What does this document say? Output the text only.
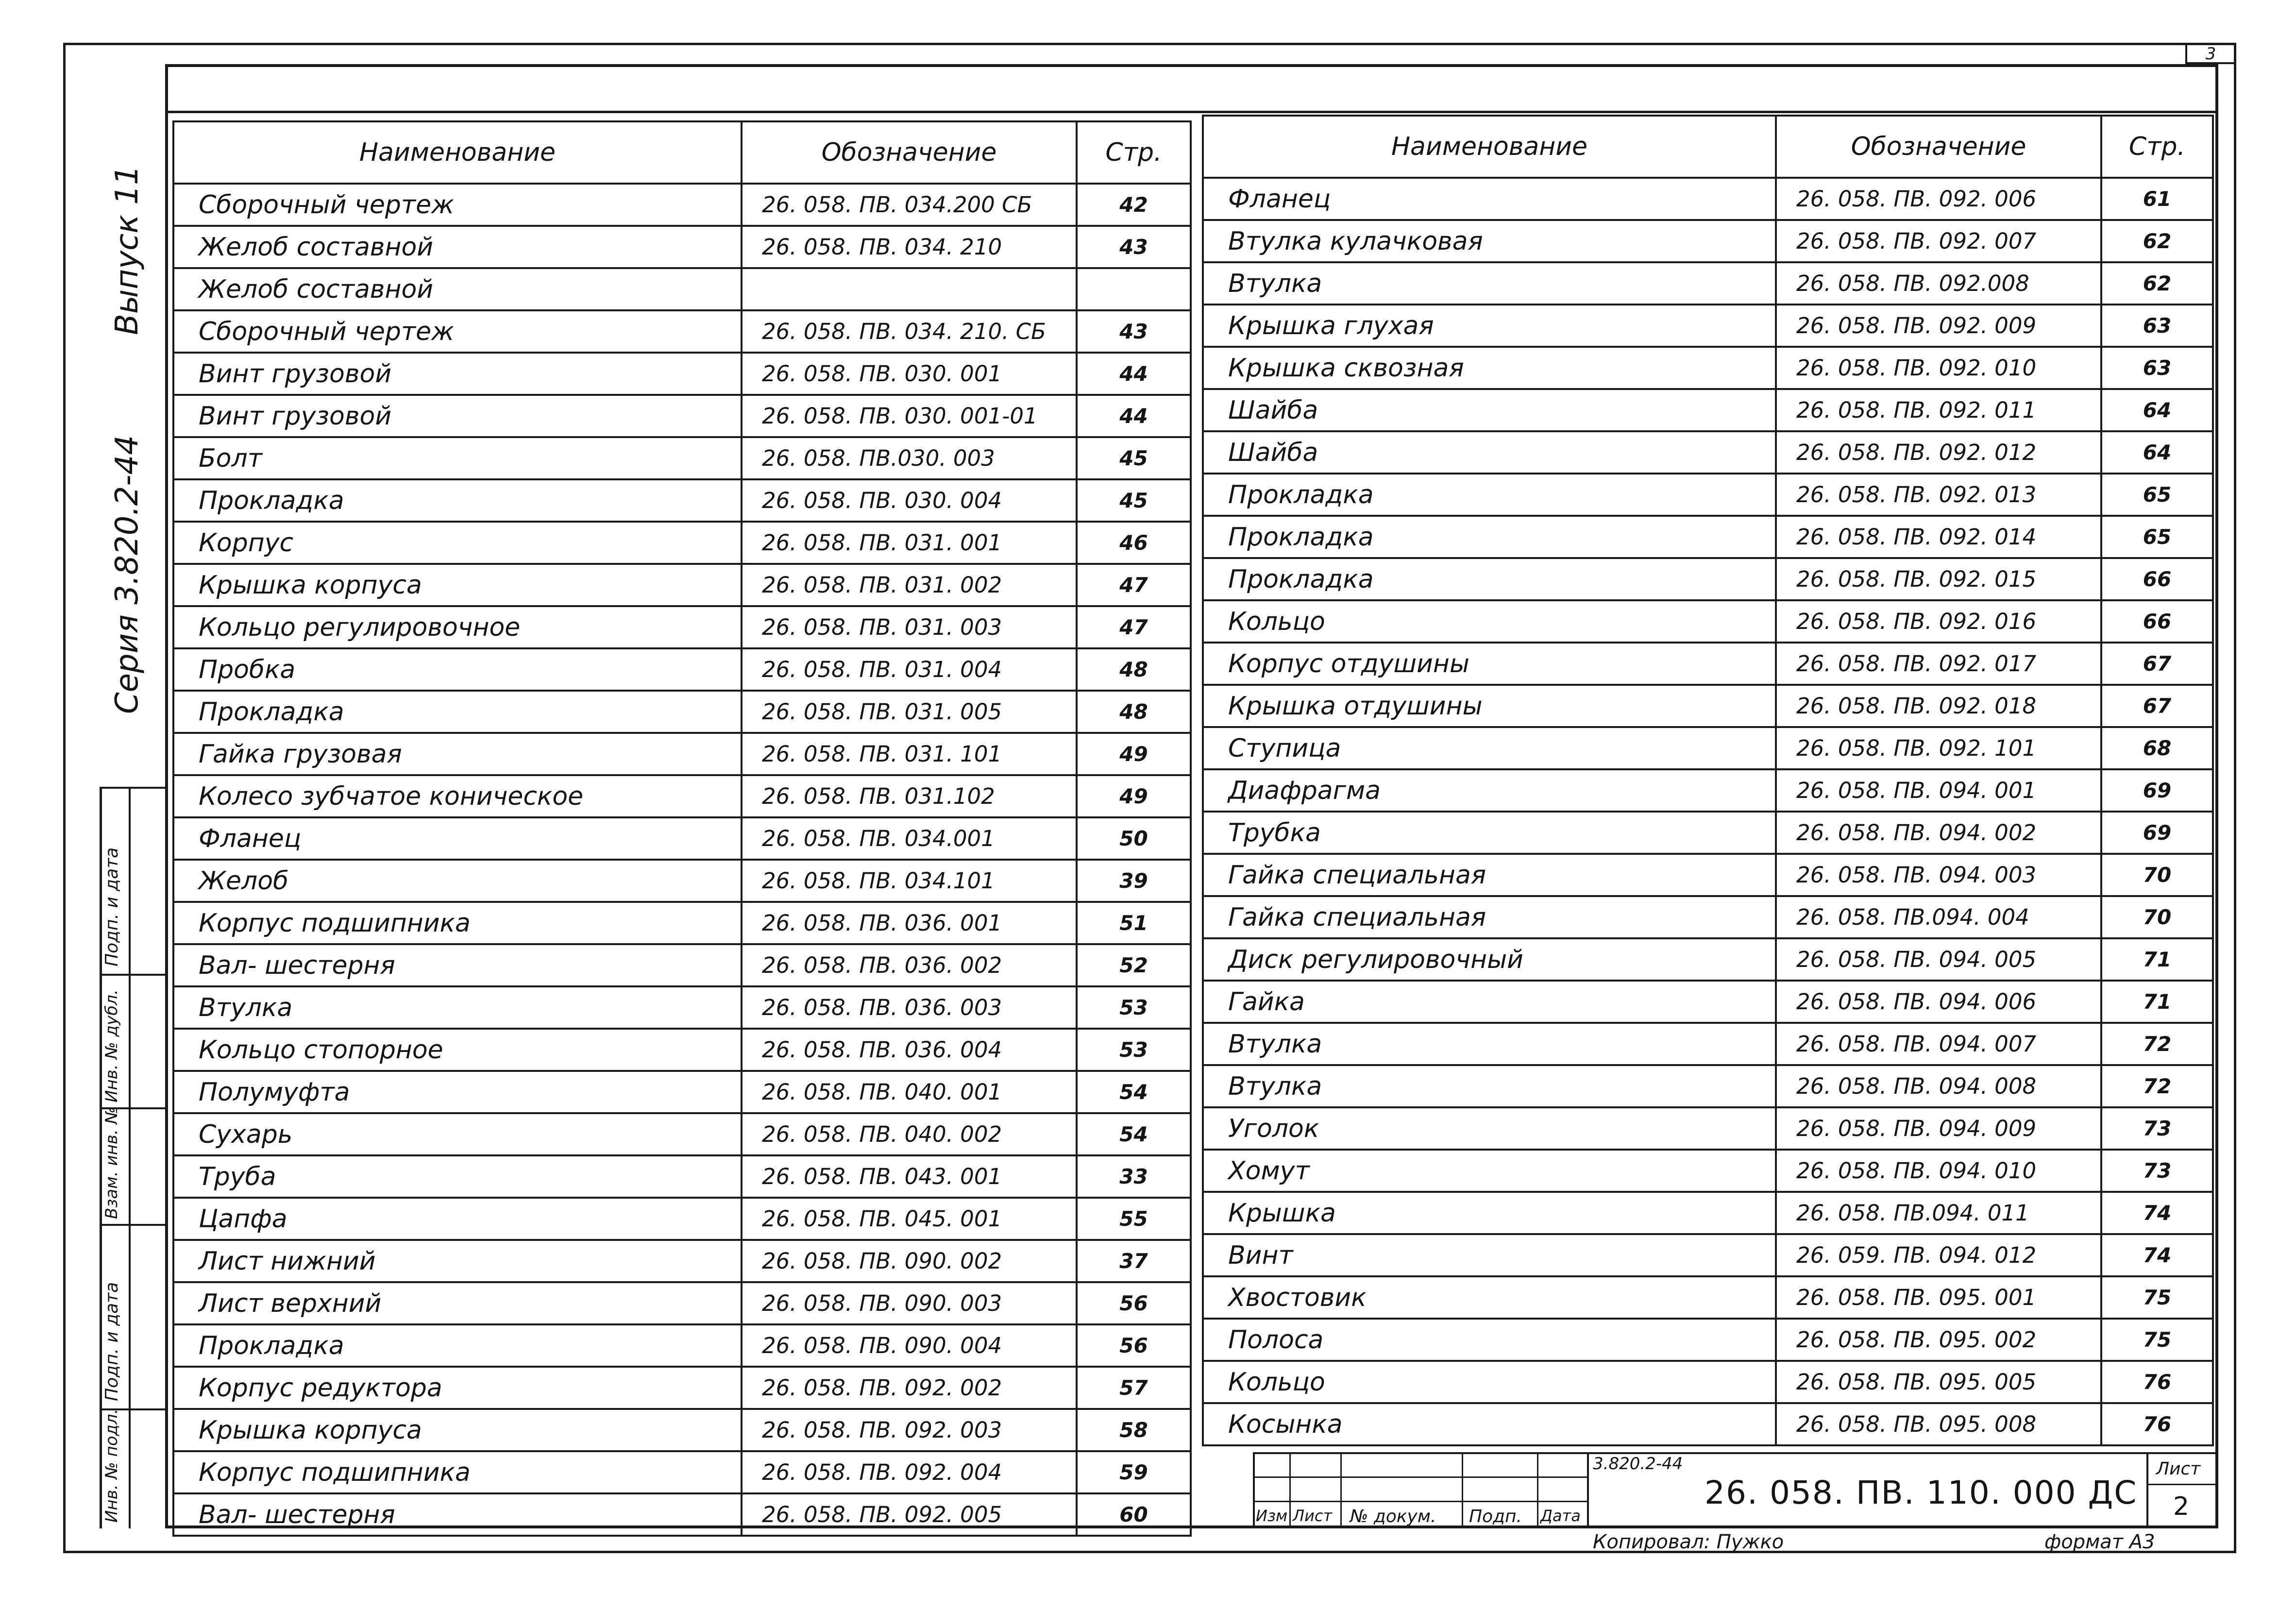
3
Выпуск 11
Серия 3.820.2-44
Подп. и дата
Инв. № дубл.
Взам. инв. №
Подп. и дата
Инв. № подл.
Наименование	Обозначение	Стр.
Сборочный чертеж	26. 058. ПВ. 034.200 СБ	42
Желоб составной	26. 058. ПВ. 034. 210	43
Желоб составной		
Сборочный чертеж	26. 058. ПВ. 034. 210. СБ	43
Винт грузовой	26. 058. ПВ. 030. 001	44
Винт грузовой	26. 058. ПВ. 030. 001-01	44
Болт	26. 058. ПВ.030. 003	45
Прокладка	26. 058. ПВ. 030. 004	45
Корпус	26. 058. ПВ. 031. 001	46
Крышка корпуса	26. 058. ПВ. 031. 002	47
Кольцо регулировочное	26. 058. ПВ. 031. 003	47
Пробка	26. 058. ПВ. 031. 004	48
Прокладка	26. 058. ПВ. 031. 005	48
Гайка грузовая	26. 058. ПВ. 031. 101	49
Колесо зубчатое коническое	26. 058. ПВ. 031.102	49
Фланец	26. 058. ПВ. 034.001	50
Желоб	26. 058. ПВ. 034.101	39
Корпус подшипника	26. 058. ПВ. 036. 001	51
Вал- шестерня	26. 058. ПВ. 036. 002	52
Втулка	26. 058. ПВ. 036. 003	53
Кольцо стопорное	26. 058. ПВ. 036. 004	53
Полумуфта	26. 058. ПВ. 040. 001	54
Сухарь	26. 058. ПВ. 040. 002	54
Труба	26. 058. ПВ. 043. 001	33
Цапфа	26. 058. ПВ. 045. 001	55
Лист нижний	26. 058. ПВ. 090. 002	37
Лист верхний	26. 058. ПВ. 090. 003	56
Прокладка	26. 058. ПВ. 090. 004	56
Корпус редуктора	26. 058. ПВ. 092. 002	57
Крышка корпуса	26. 058. ПВ. 092. 003	58
Корпус подшипника	26. 058. ПВ. 092. 004	59
Вал- шестерня	26. 058. ПВ. 092. 005	60
Наименование	Обозначение	Стр.
Фланец	26. 058. ПВ. 092. 006	61
Втулка кулачковая	26. 058. ПВ. 092. 007	62
Втулка	26. 058. ПВ. 092.008	62
Крышка глухая	26. 058. ПВ. 092. 009	63
Крышка сквозная	26. 058. ПВ. 092. 010	63
Шайба	26. 058. ПВ. 092. 011	64
Шайба	26. 058. ПВ. 092. 012	64
Прокладка	26. 058. ПВ. 092. 013	65
Прокладка	26. 058. ПВ. 092. 014	65
Прокладка	26. 058. ПВ. 092. 015	66
Кольцо	26. 058. ПВ. 092. 016	66
Корпус отдушины	26. 058. ПВ. 092. 017	67
Крышка отдушины	26. 058. ПВ. 092. 018	67
Ступица	26. 058. ПВ. 092. 101	68
Диафрагма	26. 058. ПВ. 094. 001	69
Трубка	26. 058. ПВ. 094. 002	69
Гайка специальная	26. 058. ПВ. 094. 003	70
Гайка специальная	26. 058. ПВ.094. 004	70
Диск регулировочный	26. 058. ПВ. 094. 005	71
Гайка	26. 058. ПВ. 094. 006	71
Втулка	26. 058. ПВ. 094. 007	72
Втулка	26. 058. ПВ. 094. 008	72
Уголок	26. 058. ПВ. 094. 009	73
Хомут	26. 058. ПВ. 094. 010	73
Крышка	26. 058. ПВ.094. 011	74
Винт	26. 059. ПВ. 094. 012	74
Хвостовик	26. 058. ПВ. 095. 001	75
Полоса	26. 058. ПВ. 095. 002	75
Кольцо	26. 058. ПВ. 095. 005	76
Косынка	26. 058. ПВ. 095. 008	76
Изм Лист № докум. Подп. Дата
3.820.2-44
26. 058. ПВ. 110. 000 ДС
Лист
2
Копировал: Пужко	формат А3
